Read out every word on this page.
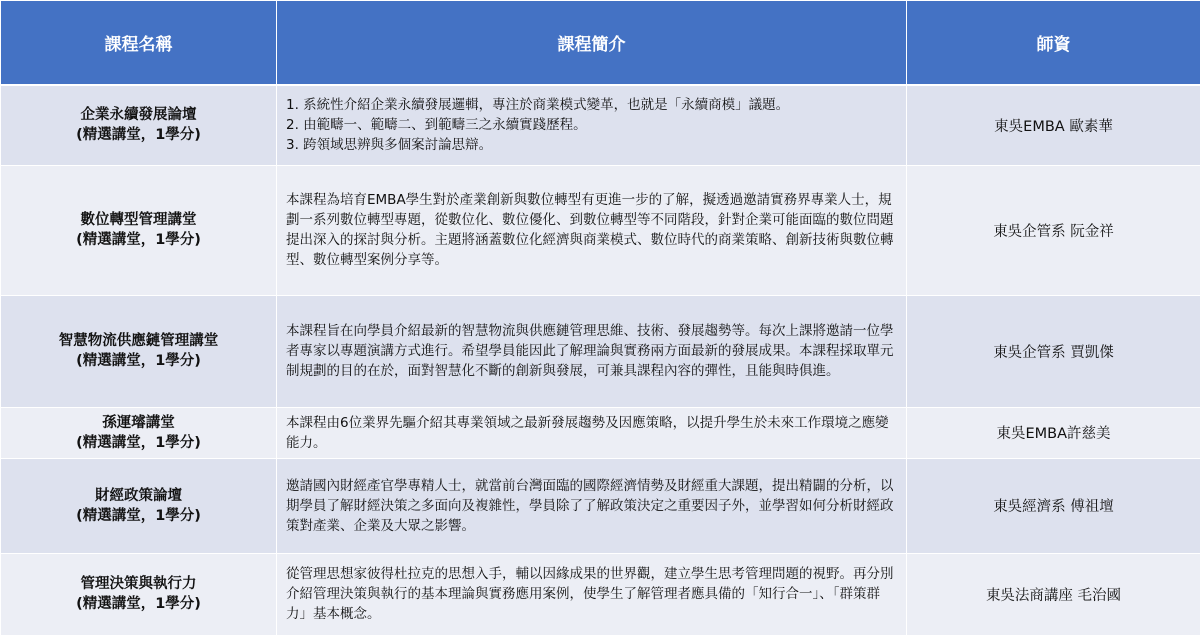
課程名稱	課程簡介	師資

企業永續發展論壇
(精選講堂，1學分)	1. 系統性介紹企業永續發展邏輯，專注於商業模式變革，也就是「永續商模」議題。
2. 由範疇一、範疇二、到範疇三之永續實踐歷程。
3. 跨領域思辨與多個案討論思辯。	東吳EMBA 歐素華

數位轉型管理講堂
(精選講堂，1學分)	本課程為培育EMBA學生對於產業創新與數位轉型有更進一步的了解，擬透過邀請實務界專業人士，規劃一系列數位轉型專題，從數位化、數位優化、到數位轉型等不同階段，針對企業可能面臨的數位問題提出深入的探討與分析。主題將涵蓋數位化經濟與商業模式、數位時代的商業策略、創新技術與數位轉型、數位轉型案例分享等。	東吳企管系 阮金祥

智慧物流供應鏈管理講堂
(精選講堂，1學分)	本課程旨在向學員介紹最新的智慧物流與供應鏈管理思維、技術、發展趨勢等。每次上課將邀請一位學者專家以專題演講方式進行。希望學員能因此了解理論與實務兩方面最新的發展成果。本課程採取單元制規劃的目的在於，面對智慧化不斷的創新與發展，可兼具課程內容的彈性，且能與時俱進。	東吳企管系 賈凱傑

孫運璿講堂
(精選講堂，1學分)	本課程由6位業界先驅介紹其專業領域之最新發展趨勢及因應策略，以提升學生於未來工作環境之應變能力。	東吳EMBA許慈美

財經政策論壇
(精選講堂，1學分)	邀請國內財經產官學專精人士，就當前台灣面臨的國際經濟情勢及財經重大課題，提出精闢的分析，以期學員了解財經決策之多面向及複雜性，學員除了了解政策決定之重要因子外，並學習如何分析財經政策對產業、企業及大眾之影響。	東吳經濟系 傅祖壇

管理決策與執行力
(精選講堂，1學分)	從管理思想家彼得杜拉克的思想入手，輔以因緣成果的世界觀，建立學生思考管理問題的視野。再分別介紹管理決策與執行的基本理論與實務應用案例，使學生了解管理者應具備的「知行合一」、「群策群力」基本概念。	東吳法商講座 毛治國
